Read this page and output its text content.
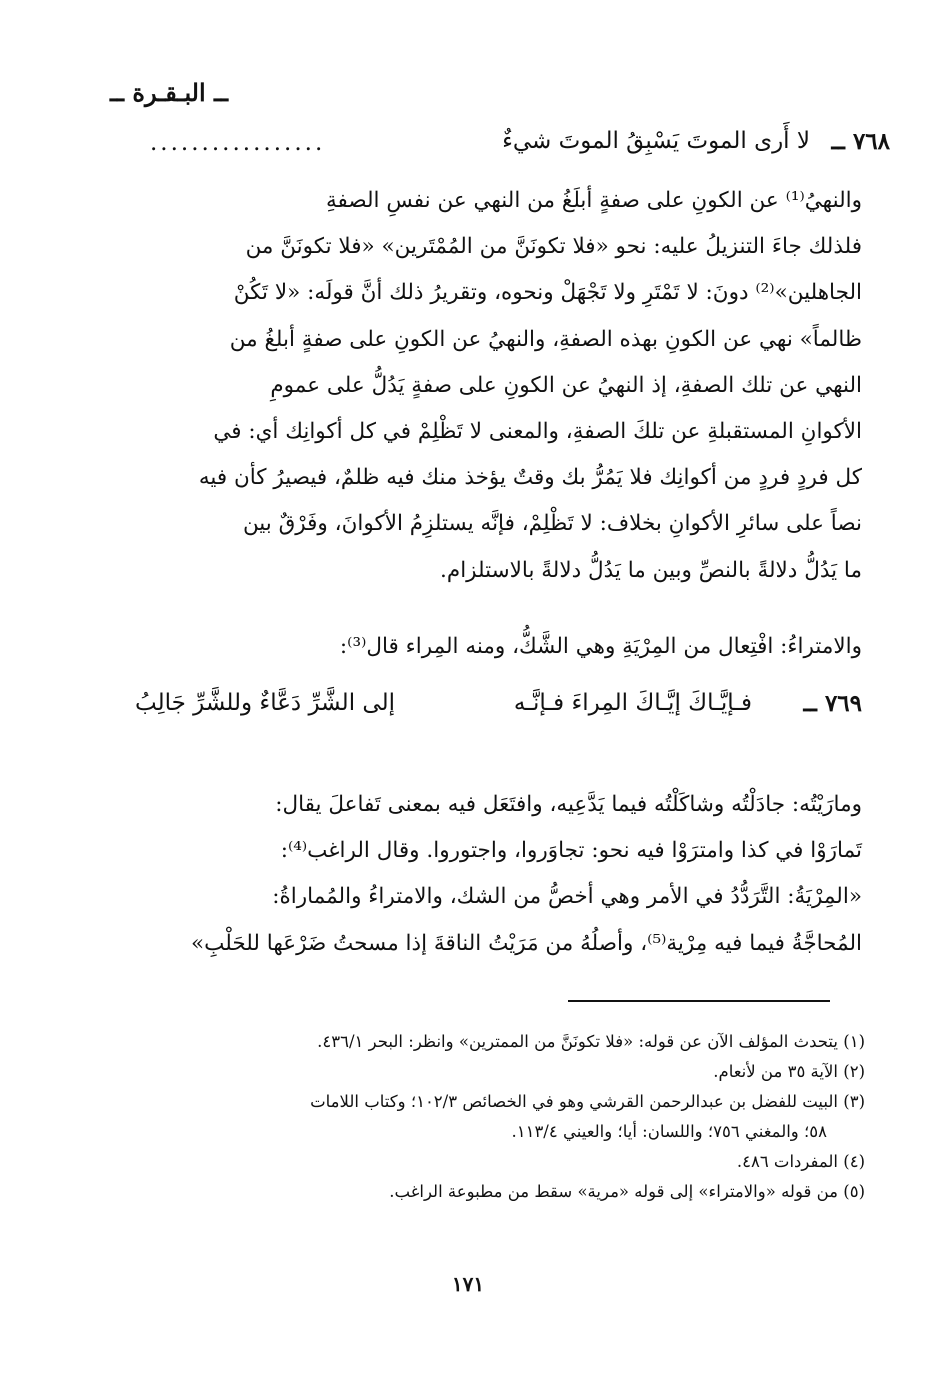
ــ البـقـرة ــ
٧٦٨ ــ
لا أَرى الموتَ يَسْبِقُ الموتَ شيءٌ
.................
والنهيُ⁽¹⁾ عن الكونِ على صفةٍ أبلَغُ من النهي عن نفسِ الصفةِ
فلذلك جاءَ التنزيلُ عليه: نحو «فلا تكونَنَّ من المُمْتَرين» «فلا تكونَنَّ من
الجاهلين»⁽²⁾ دونَ: لا تَمْتَرِ ولا تَجْهَلْ ونحوه، وتقريرُ ذلك أنَّ قولَه: «لا تَكُنْ
ظالماً» نهي عن الكونِ بهذه الصفةِ، والنهيُ عن الكونِ على صفةٍ أبلغُ من
النهي عن تلك الصفةِ، إذ النهيُ عن الكونِ على صفةٍ يَدُلُّ على عمومِ
الأكوانِ المستقبلةِ عن تلكَ الصفةِ، والمعنى لا تَظْلِمْ في كل أكوانِك أي: في
كل فردٍ فردٍ من أكوانِك فلا يَمُرُّ بك وقتٌ يؤخذ منك فيه ظلمٌ، فيصيرُ كأن فيه
نصاً على سائرِ الأكوانِ بخلاف: لا تَظْلِمْ، فإنَّه يستلزِمُ الأكوانَ، وفَرْقٌ بين
ما يَدُلُّ دلالةً بالنصِّ وبين ما يَدُلُّ دلالةً بالاستلزام.
والامتراءُ: افْتِعال من المِرْيَةِ وهي الشَّكُّ، ومنه المِراء قال⁽³⁾:
٧٦٩ ــ
فـإيَّـاكَ إيَّـاكَ المِراءَ فـإنَّـه
إلى الشَّرِّ دَعَّاءٌ وللشَّرِّ جَالِبُ
ومارَيْتُه: جادَلْتُه وشاكَلْتُه فيما يَدَّعِيه، وافتَعَل فيه بمعنى تَفاعلَ يقال:
تَمارَوْا في كذا وامترَوْا فيه نحو: تجاوَروا، واجتوروا. وقال الراغب⁽⁴⁾:
«المِرْيَةُ: التَّرَدُّدُ في الأمر وهي أخصُّ من الشك، والامتراءُ والمُماراةُ:
المُحاجَّةُ فيما فيه مِرْية⁽⁵⁾، وأصلُهُ من مَرَيْتُ الناقةَ إذا مسحتُ ضَرْعَها للحَلْبِ»
(١) يتحدث المؤلف الآن عن قوله: «فلا تكونَنَّ من الممترين» وانظر: البحر ٤٣٦/١.
(٢) الآية ٣٥ من لأنعام.
(٣) البيت للفضل بن عبدالرحمن القرشي وهو في الخصائص ١٠٢/٣؛ وكتاب اللامات
٥٨؛ والمغني ٧٥٦؛ واللسان: أيا؛ والعيني ١١٣/٤.
(٤) المفردات ٤٨٦.
(٥) من قوله «والامتراء» إلى قوله «مرية» سقط من مطبوعة الراغب.
١٧١
